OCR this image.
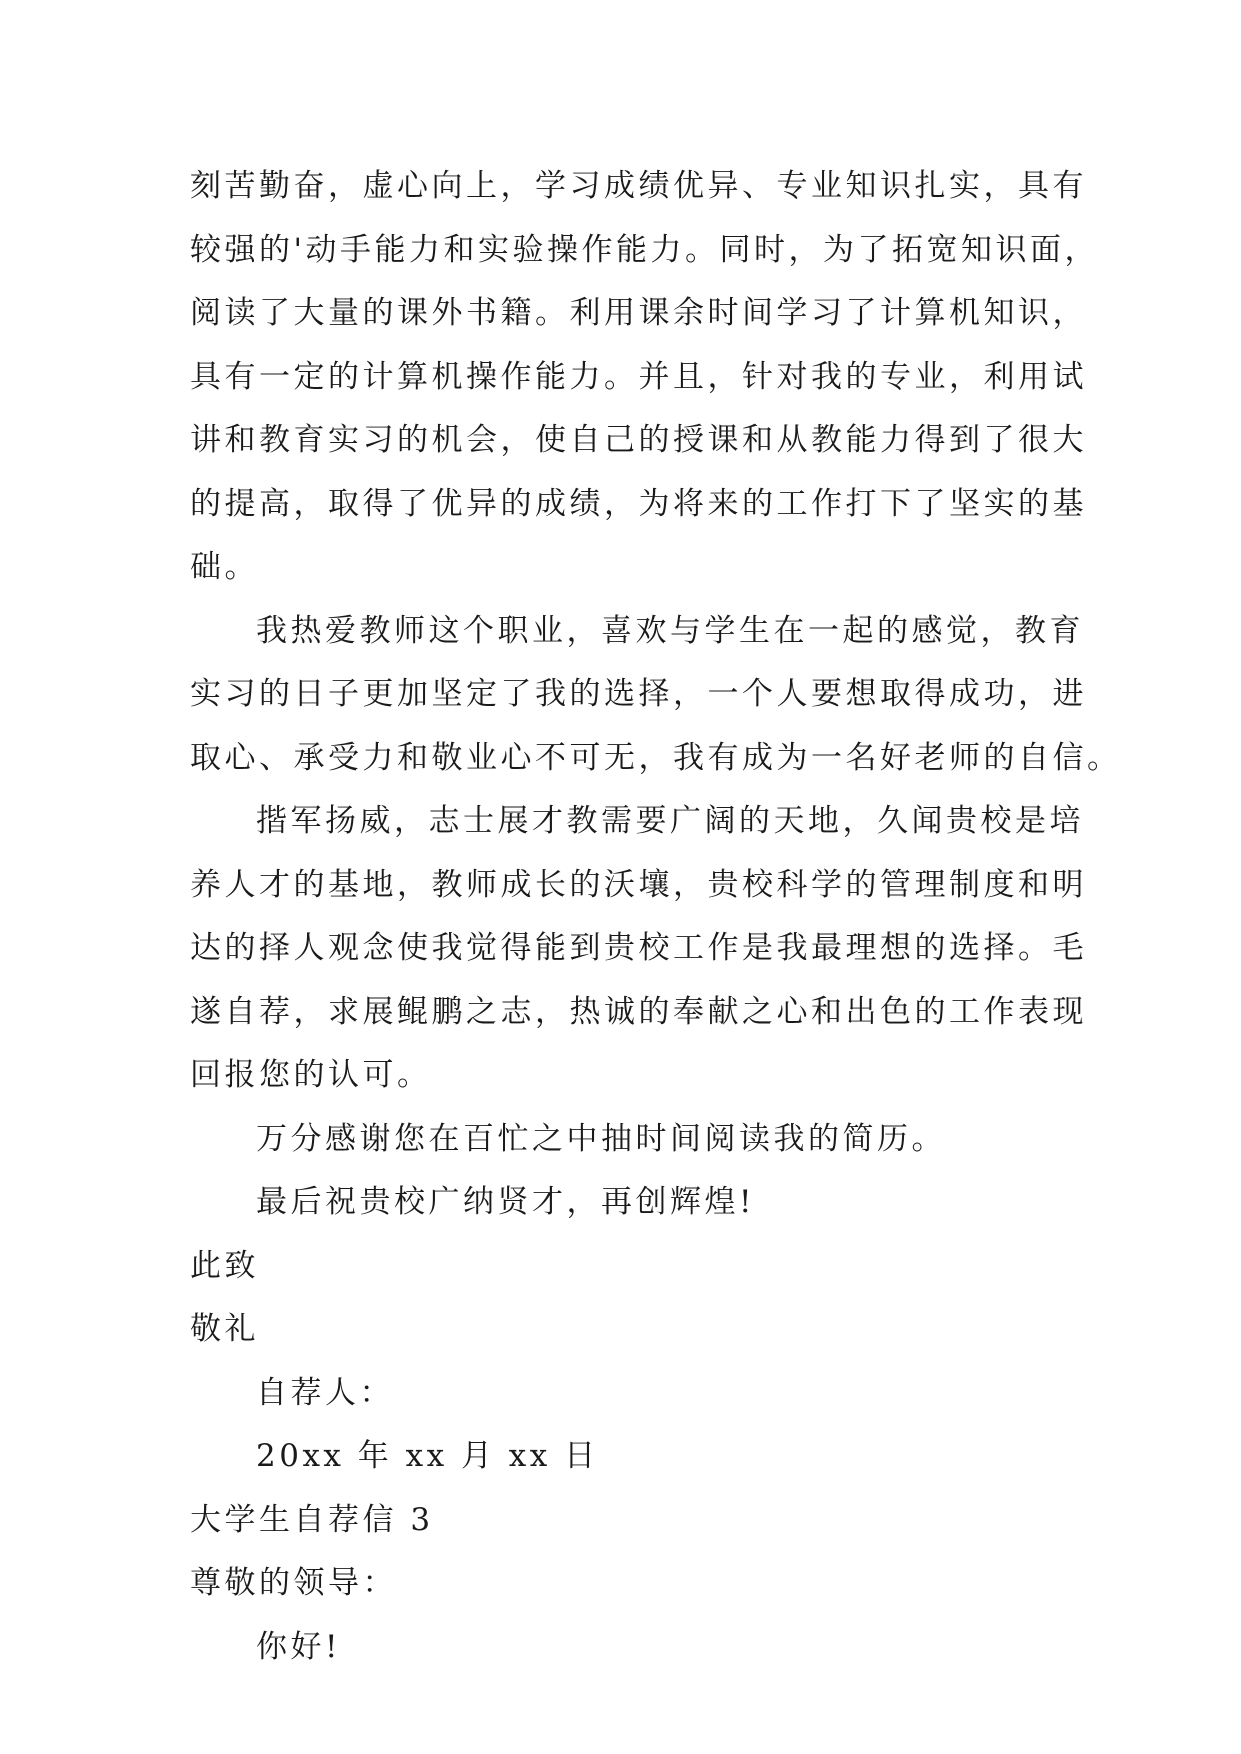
刻苦勤奋，虚心向上，学习成绩优异、专业知识扎实，具有
较强的'动手能力和实验操作能力。同时，为了拓宽知识面，
阅读了大量的课外书籍。利用课余时间学习了计算机知识，
具有一定的计算机操作能力。并且，针对我的专业，利用试
讲和教育实习的机会，使自己的授课和从教能力得到了很大
的提高，取得了优异的成绩，为将来的工作打下了坚实的基
础。
我热爱教师这个职业，喜欢与学生在一起的感觉，教育
实习的日子更加坚定了我的选择，一个人要想取得成功，进
取心、承受力和敬业心不可无，我有成为一名好老师的自信。
揩军扬威，志士展才教需要广阔的天地，久闻贵校是培
养人才的基地，教师成长的沃壤，贵校科学的管理制度和明
达的择人观念使我觉得能到贵校工作是我最理想的选择。毛
遂自荐，求展鲲鹏之志，热诚的奉献之心和出色的工作表现
回报您的认可。
万分感谢您在百忙之中抽时间阅读我的简历。
最后祝贵校广纳贤才，再创辉煌!
此致
敬礼
自荐人：
20xx 年 xx 月 xx 日
大学生自荐信 3
尊敬的领导：
你好!
